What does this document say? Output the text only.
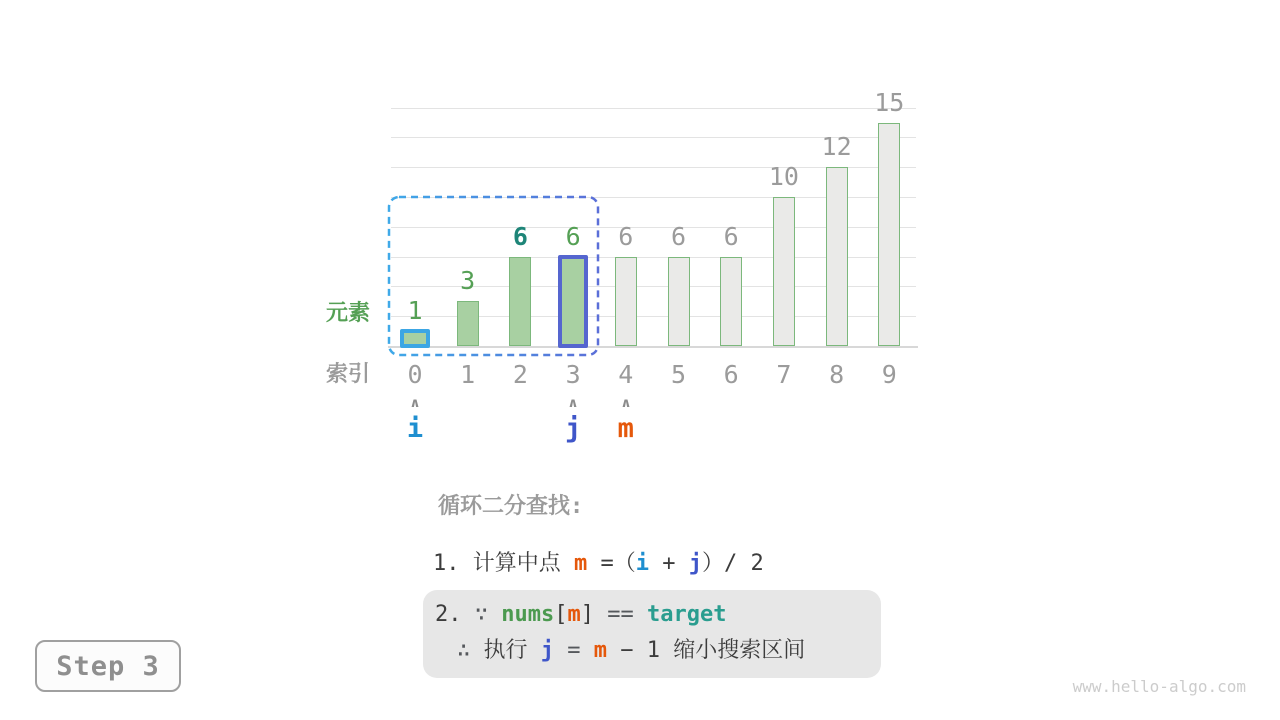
1
0
3
1
6
2
6
3
6
4
6
5
6
6
10
7
12
8
15
9
∧
i
∧
j
∧
m
元素
索引
循环二分查找:
1. 计算中点 m =（i + j）/ 2
2. ∵ nums[m] == target
∴ 执行 j = m − 1 缩小搜索区间
Step 3
www.hello-algo.com
